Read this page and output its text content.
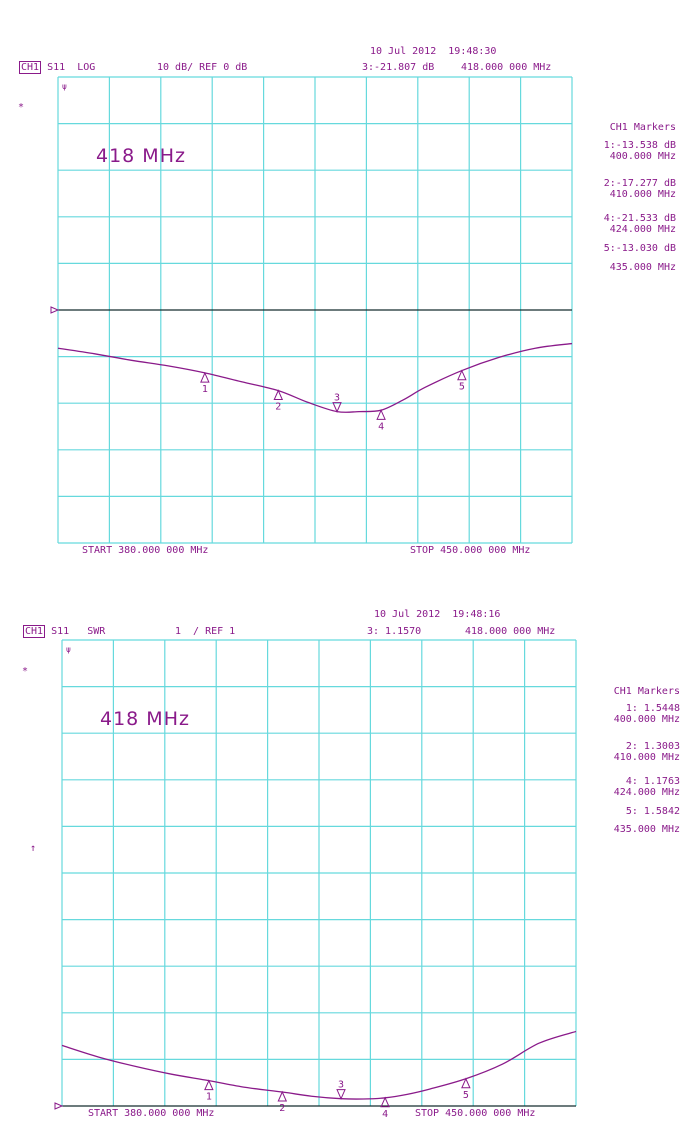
10 Jul 2012 19:48:30
CH1 S11 LOG	10 dB/ REF 0 dB	3:-21.807 dB	418.000 000 MHz
*
418 MHz
START 380.000 000 MHz	STOP 450.000 000 MHz
CH1 Markers
1:-13.538 dB
400.000 MHz
2:-17.277 dB
410.000 MHz
4:-21.533 dB
424.000 MHz
5:-13.030 dB
435.000 MHz
10 Jul 2012 19:48:16
CH1 S11 SWR	1  / REF 1	3: 1.1570	418.000 000 MHz
*
↑
418 MHz
START 380.000 000 MHz	STOP 450.000 000 MHz
CH1 Markers
1: 1.5448
400.000 MHz
2: 1.3003
410.000 MHz
4: 1.1763
424.000 MHz
5: 1.5842
435.000 MHz
ψ
1
2
3
4
5
ψ
1
2
3
4
5
